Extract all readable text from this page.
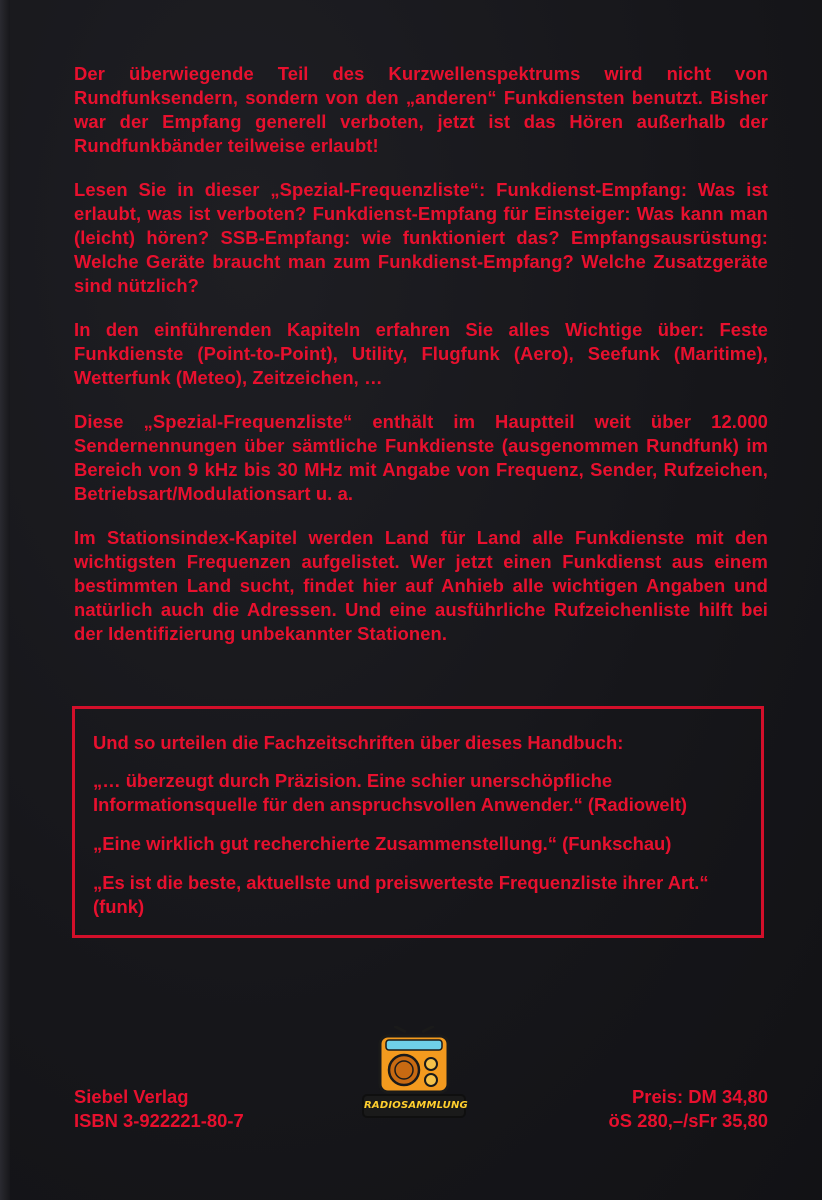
Der überwiegende Teil des Kurzwellenspektrums wird nicht von Rundfunksendern, sondern von den „anderen“ Funkdiensten benutzt. Bisher war der Empfang generell verboten, jetzt ist das Hören außerhalb der Rundfunkbänder teilweise erlaubt!

Lesen Sie in dieser „Spezial-Frequenzliste“: Funkdienst-Empfang: Was ist erlaubt, was ist verboten? Funkdienst-Empfang für Einsteiger: Was kann man (leicht) hören? SSB-Empfang: wie funktioniert das? Empfangsausrüstung: Welche Geräte braucht man zum Funkdienst-Empfang? Welche Zusatzgeräte sind nützlich?

In den einführenden Kapiteln erfahren Sie alles Wichtige über: Feste Funkdienste (Point-to-Point), Utility, Flugfunk (Aero), Seefunk (Maritime), Wetterfunk (Meteo), Zeitzeichen, …

Diese „Spezial-Frequenzliste“ enthält im Hauptteil weit über 12.000 Sendernennungen über sämtliche Funkdienste (ausgenommen Rundfunk) im Bereich von 9 kHz bis 30 MHz mit Angabe von Frequenz, Sender, Rufzeichen, Betriebsart/Modulationsart u. a.

Im Stationsindex-Kapitel werden Land für Land alle Funkdienste mit den wichtigsten Frequenzen aufgelistet. Wer jetzt einen Funkdienst aus einem bestimmten Land sucht, findet hier auf Anhieb alle wichtigen Angaben und natürlich auch die Adressen. Und eine ausführliche Rufzeichenliste hilft bei der Identifizierung unbekannter Stationen.

Und so urteilen die Fachzeitschriften über dieses Handbuch:

„… überzeugt durch Präzision. Eine schier unerschöpfliche Informationsquelle für den anspruchsvollen Anwender.“ (Radiowelt)

„Eine wirklich gut recherchierte Zusammenstellung.“ (Funkschau)

„Es ist die beste, aktuellste und preiswerteste Frequenzliste ihrer Art.“ (funk)

RADIOSAMMLUNG
Siebel Verlag
ISBN 3-922221-80-7
Preis: DM 34,80
öS 280,–/sFr 35,80
